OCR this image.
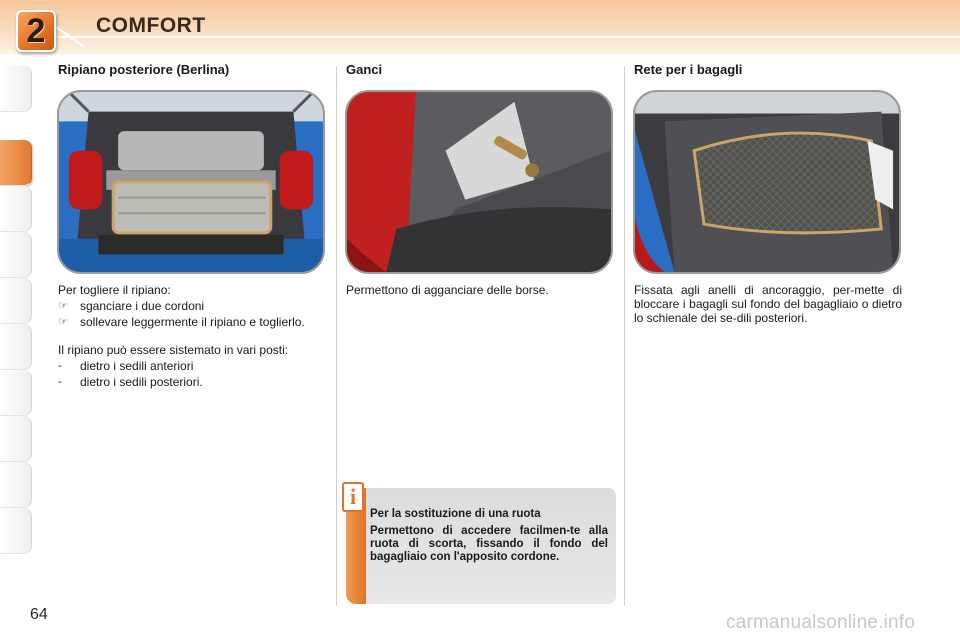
2 COMFORT
Ripiano posteriore (Berlina)
Per togliere il ripiano:
☞	sganciare i due cordoni
☞	sollevare leggermente il ripiano e toglierlo.
Il ripiano può essere sistemato in vari posti:
-	dietro i sedili anteriori
-	dietro i sedili posteriori.
Ganci
Permettono di agganciare delle borse.
Rete per i bagagli
Fissata agli anelli di ancoraggio, per-mette di bloccare i bagagli sul fondo del bagagliaio o dietro lo schienale dei se-dili posteriori.
i
Per la sostituzione di una ruota
Permettono di accedere facilmen-te alla ruota di scorta, fissando il fondo del bagagliaio con l'apposito cordone.
64	carmanualsonline.info
